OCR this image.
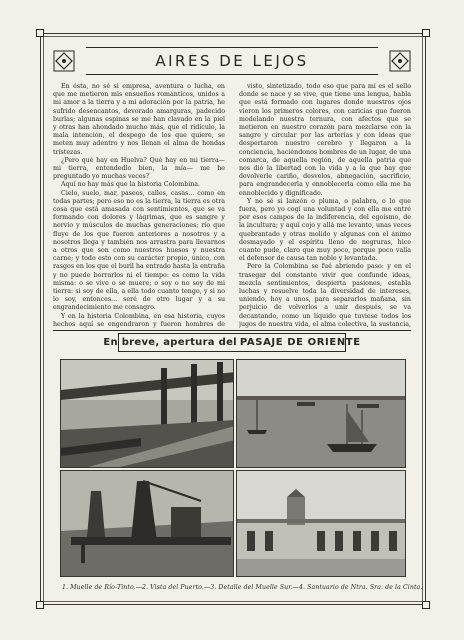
AIRES DE LEJOS

En ésta, no sé si empresa, aventura o lucha, en que me metieron mis ensueños románticos, unidos a mi amor a la tierra y a mi adoración por la patria, he sufrido desencantos, devorado amarguras, padecido burlas; algunas espinas se me han clavado en la piel y otras han ahondado mucho más, que el ridículo, la mala intención, el despego de los que quiere, se meten muy adentro y nos llenan el alma de hondas tristezas.

¿Pero qué hay en Huelva? Qué hay en mi tierra—mi tierra, entendedlo bien, la mía— me he preguntado yo muchas veces?

Aquí no hay más que la historia Colombina.

Cielo, suelo, mar, paseos, calles, casas... como en todas partes; pero eso no es la tierra, la tierra es otra cosa que está amasada con sentimientos, que se va formando con dolores y lágrimas, que es sangre y nervio y músculos de muchas generaciones; río que fluye de los que fueron anteriores a nosotros y a nosotros llega y también nos arrastra para llevarnos a otros que son como nuestros huesos y nuestra carne; y todo esto con su carácter propio, único, con rasgos en los que el buril ha entrado hasta la entraña y no puede borrarlos ni el tiempo: es como la vida misma: o se vive o se muere; o soy o no soy de mi tierra: si soy de ella, a ella todo cuanto tengo, y si no lo soy, entonces... seré de otro lugar y a su engrandecimiento me consagro.

Y en la historia Colombina, en esa historia, cuyos hechos aquí se engendraron y fueron hombres de

visto, sintetizado, todo eso que para mí es el sello donde se nace y se vive, que tiene una lengua, habla que está formado con lugares donde nuestros ojos vieron los primeros colores, con caricias que fueron modelando nuestra ternura, con afectos que se metieron en nuestro corazón para mezclarse con la sangre y circular por las arterias y con ideas que despertaron nuestro cerebro y llegaron a la conciencia, haciéndonos hombres de un lugar, de una comarca, de aquella región, de aquella patria que nos dió la libertad con la vida y a la que hay que devolverle cariño, desvelos, abnegación, sacrificio, para engrandecerla y ennoblecerla como ella me ha ennoblecido y dignificado.

Y no sé si lanzón o pluma, o palabra, o lo que fuera, pero yo cogí una voluntad y con ella me entré por esos campos de la indiferencia, del egoísmo, de la incultura; y aquí cojo y allá me levanto, unas veces quebrantado y otras molido y algunas con el ánimo desmayado y el espíritu lleno de negruras, hice cuanto pude, claro que muy poco, porque poco valía el defensor de causa tan noble y levantada.

Pero la Colombina se fué abriendo paso: y en el trasegar del constante vivir que confunde ideas, mezcla sentimientos, despierta pasiones, establa luchas y resuelve toda la diversidad de intereses, uniendo, hoy a unos, para separarlos mañana, sin perjuicio de volverlos a unir después, se va decantando, como un líquido que tuviese todos los jugos de nuestra vida, el alma colectiva, la sustancia,

En breve, apertura del PASAJE DE ORIENTE
1. Muelle de Río-Tinto.—2. Vista del Puerto.—3. Detalle del Muelle Sur.—4. Santuario de Ntra. Sra. de la Cinta.
